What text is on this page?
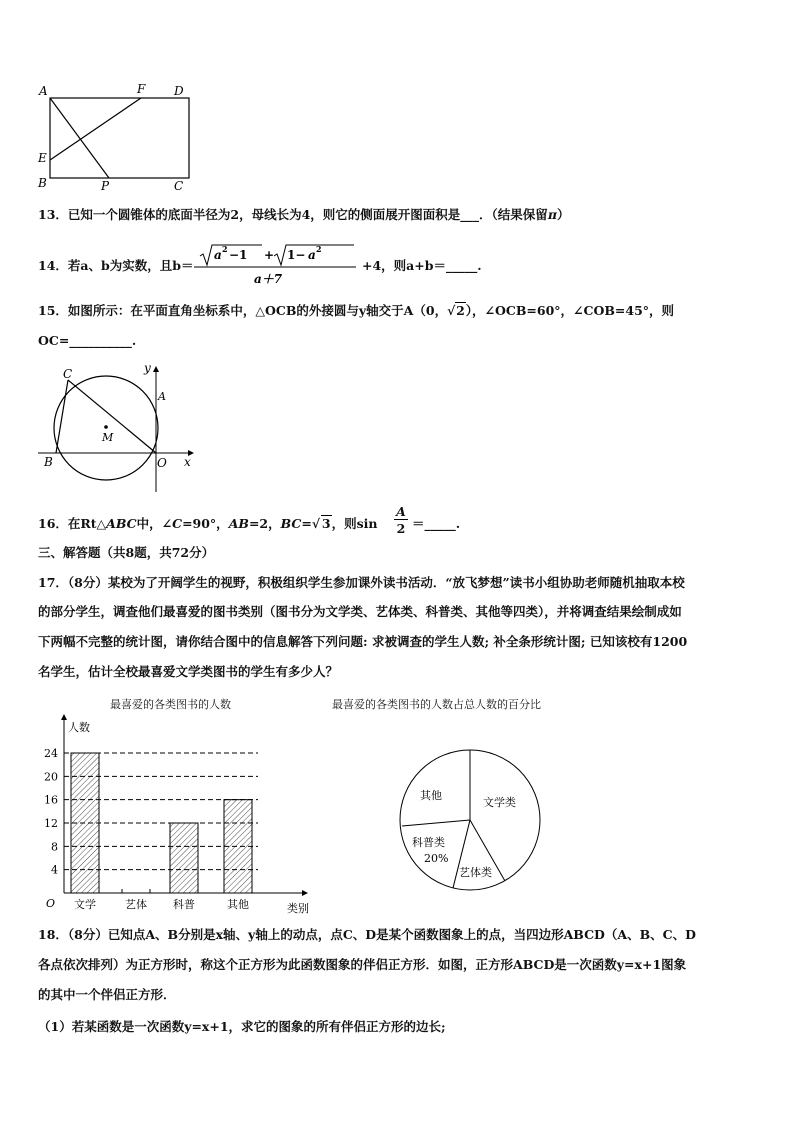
A	F D
E
B	P	C
13．已知一个圆锥体的底面半径为2，母线长为4，则它的侧面展开图面积是___．（结果保留π）
14．若a、b为实数，且b＝
a 2 −1 + 1− a 2
a＋7
+4，则a+b＝_____.
15．如图所示：在平面直角坐标系中，△OCB的外接圆与y轴交于A（0， √ 2），∠OCB=60°，∠COB=45°，则
OC=__________.
C	y
A
M
B	O x
16．在Rt△ABC中，∠C=90°，AB=2，BC= √ 3，则sin
A
2 ＝_____.
三、解答题（共8题，共72分）
17．（8分）某校为了开阔学生的视野，积极组织学生参加课外读书活动．“放飞梦想”读书小组协助老师随机抽取本校
的部分学生，调查他们最喜爱的图书类别（图书分为文学类、艺体类、科普类、其他等四类），并将调查结果绘制成如
下两幅不完整的统计图，请你结合图中的信息解答下列问题: 求被调查的学生人数; 补全条形统计图; 已知该校有1200
名学生，估计全校最喜爱文学类图书的学生有多少人？
最喜爱的各类图书的人数
人数
类别
O
4
8
12
16
20
24
文学	艺体 科普	其他
最喜爱的各类图书的人数占总人数的百分比
其他
文学类
科普类
20%
艺体类
18．（8分）已知点A、B分别是x轴、y轴上的动点，点C、D是某个函数图象上的点，当四边形ABCD（A、B、C、D
各点依次排列）为正方形时，称这个正方形为此函数图象的伴侣正方形．如图，正方形ABCD是一次函数y=x+1图象
的其中一个伴侣正方形．
（1）若某函数是一次函数y=x+1，求它的图象的所有伴侣正方形的边长;
